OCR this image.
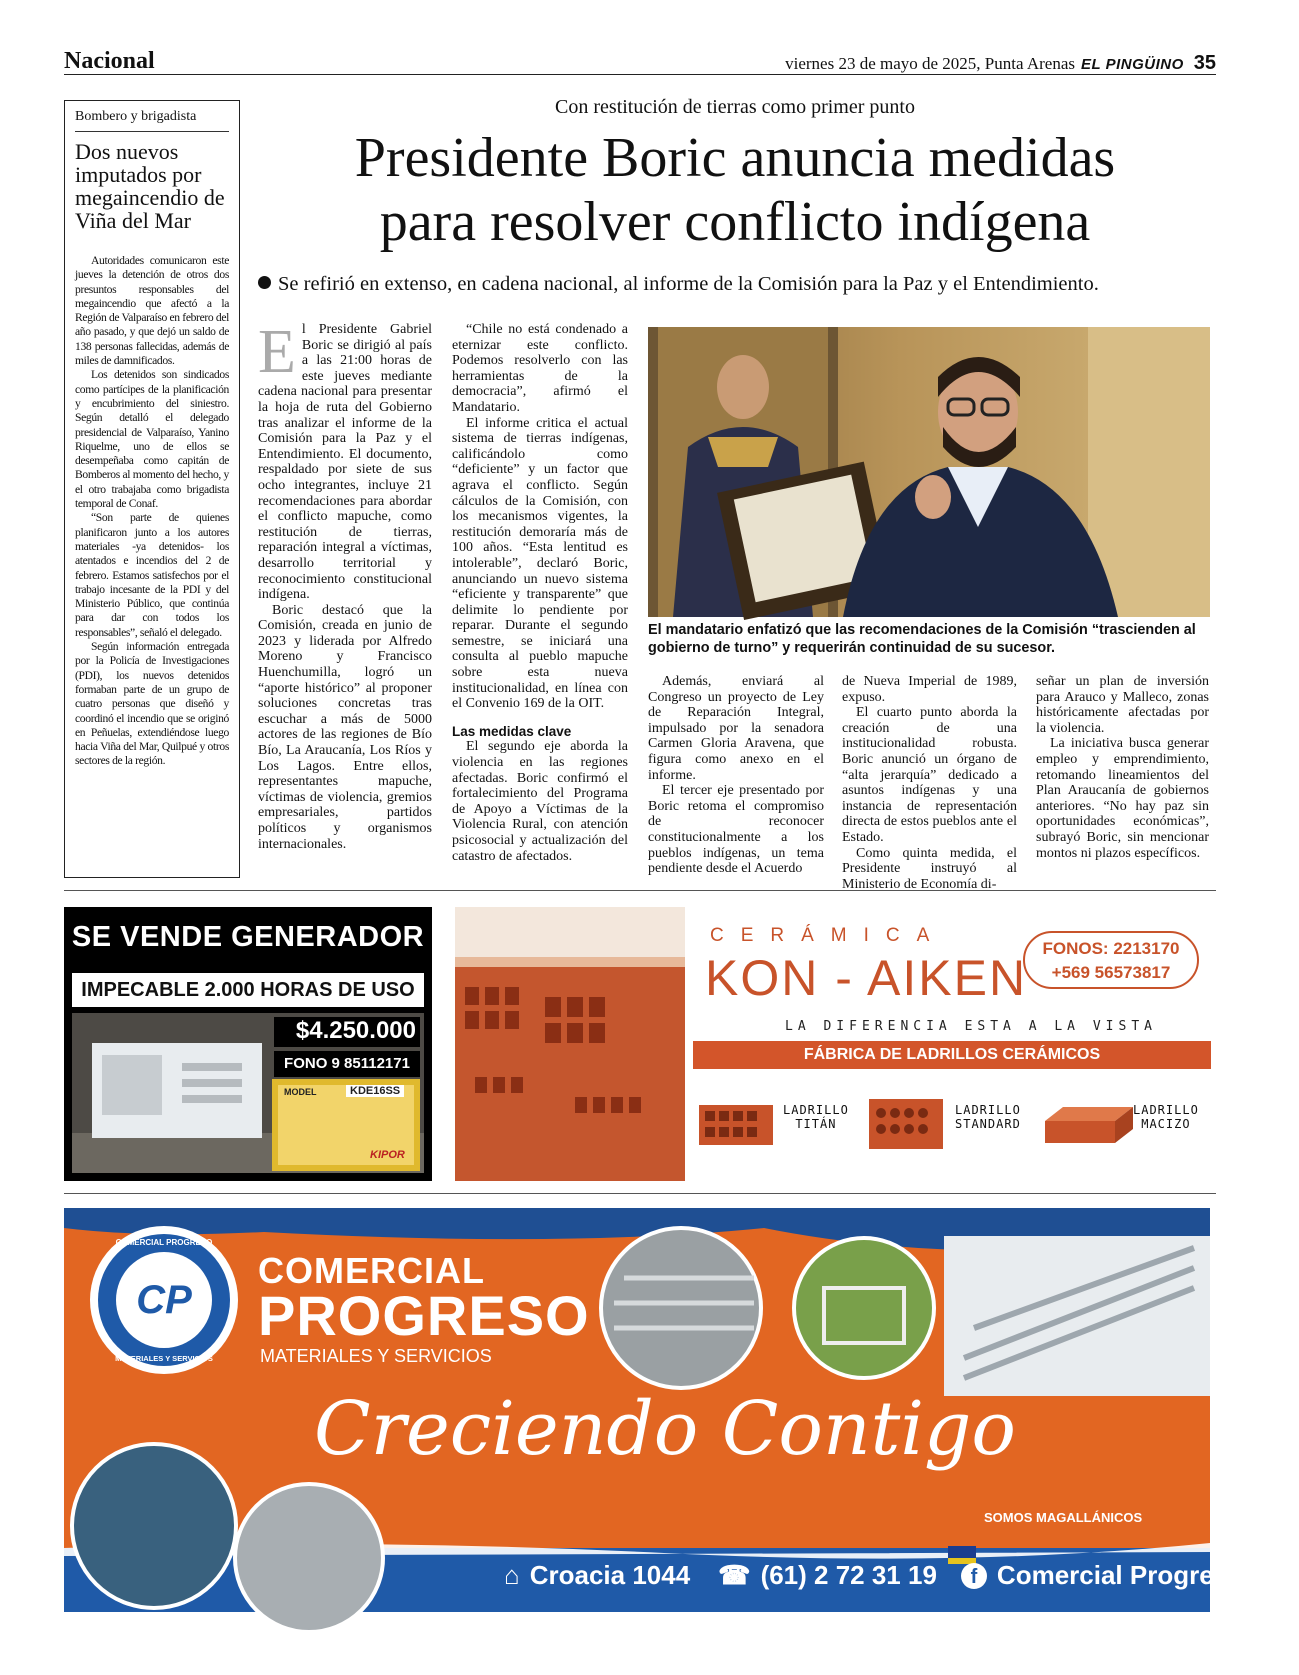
Nacional	viernes 23 de mayo de 2025, Punta Arenas EL PINGÜINO 35
Bombero y brigadista
Dos nuevos imputados por megaincendio de Viña del Mar

Autoridades comunicaron este jueves la detención de otros dos presuntos responsables del megaincendio que afectó a la Región de Valparaíso en febrero del año pasado, y que dejó un saldo de 138 personas fallecidas, además de miles de damnificados.

Los detenidos son sindicados como partícipes de la planificación y encubrimiento del siniestro. Según detalló el delegado presidencial de Valparaíso, Yanino Riquelme, uno de ellos se desempeñaba como capitán de Bomberos al momento del hecho, y el otro trabajaba como brigadista temporal de Conaf.

“Son parte de quienes planificaron junto a los autores materiales -ya detenidos- los atentados e incendios del 2 de febrero. Estamos satisfechos por el trabajo incesante de la PDI y del Ministerio Público, que continúa para dar con todos los responsables”, señaló el delegado.

Según información entregada por la Policía de Investigaciones (PDI), los nuevos detenidos formaban parte de un grupo de cuatro personas que diseñó y coordinó el incendio que se originó en Peñuelas, extendiéndose luego hacia Viña del Mar, Quilpué y otros sectores de la región.

Con restitución de tierras como primer punto
Presidente Boric anuncia medidas
para resolver conflicto indígena
Se refirió en extenso, en cadena nacional, al informe de la Comisión para la Paz y el Entendimiento.

El Presidente Gabriel Boric se dirigió al país a las 21:00 horas de este jueves mediante cadena nacional para presentar la hoja de ruta del Gobierno tras analizar el informe de la Comisión para la Paz y el Entendimiento. El documento, respaldado por siete de sus ocho integrantes, incluye 21 recomendaciones para abordar el conflicto mapuche, como restitución de tierras, reparación integral a víctimas, desarrollo territorial y reconocimiento constitucional indígena.

Boric destacó que la Comisión, creada en junio de 2023 y liderada por Alfredo Moreno y Francisco Huenchumilla, logró un “aporte histórico” al proponer soluciones concretas tras escuchar a más de 5000 actores de las regiones de Bío Bío, La Araucanía, Los Ríos y Los Lagos. Entre ellos, representantes mapuche, víctimas de violencia, gremios empresariales, partidos políticos y organismos internacionales.

“Chile no está condenado a eternizar este conflicto. Podemos resolverlo con las herramientas de la democracia”, afirmó el Mandatario.

El informe critica el actual sistema de tierras indígenas, calificándolo como “deficiente” y un factor que agrava el conflicto. Según cálculos de la Comisión, con los mecanismos vigentes, la restitución demoraría más de 100 años. “Esta lentitud es intolerable”, declaró Boric, anunciando un nuevo sistema “eficiente y transparente” que delimite lo pendiente por reparar. Durante el segundo semestre, se iniciará una consulta al pueblo mapuche sobre esta nueva institucionalidad, en línea con el Convenio 169 de la OIT.

Las medidas clave

El segundo eje aborda la violencia en las regiones afectadas. Boric confirmó el fortalecimiento del Programa de Apoyo a Víctimas de la Violencia Rural, con atención psicosocial y actualización del catastro de afectados.

El mandatario enfatizó que las recomendaciones de la Comisión “trascienden al gobierno de turno” y requerirán continuidad de su sucesor.

Además, enviará al Congreso un proyecto de Ley de Reparación Integral, impulsado por la senadora Carmen Gloria Aravena, que figura como anexo en el informe.

El tercer eje presentado por Boric retoma el compromiso de reconocer constitucionalmente a los pueblos indígenas, un tema pendiente desde el Acuerdo

de Nueva Imperial de 1989, expuso.

El cuarto punto aborda la creación de una institucionalidad robusta. Boric anunció un órgano de “alta jerarquía” dedicado a asuntos indígenas y una instancia de representación directa de estos pueblos ante el Estado.

Como quinta medida, el Presidente instruyó al Ministerio de Economía di-

señar un plan de inversión para Arauco y Malleco, zonas históricamente afectadas por la violencia.

La iniciativa busca generar empleo y emprendimiento, retomando lineamientos del Plan Araucanía de gobiernos anteriores. “No hay paz sin oportunidades económicas”, subrayó Boric, sin mencionar montos ni plazos específicos.

SE VENDE GENERADOR
IMPECABLE 2.000 HORAS DE USO
$4.250.000
FONO 9 85112171
MODEL	KDE16SS
KIPOR
CERÁMICA
KON - AIKEN
FONOS: 2213170
+569 56573817
LA DIFERENCIA ESTA A LA VISTA
FÁBRICA DE LADRILLOS CERÁMICOS
LADRILLO
TITÁN
LADRILLO
STANDARD
LADRILLO
MACIZO
CP
COMERCIAL PROGRESO
MATERIALES Y SERVICIOS
COMERCIAL
PROGRESO
MATERIALES Y SERVICIOS
Creciendo Contigo
SOMOS MAGALLÁNICOS
⌂ Croacia 1044 ☎ (61) 2 72 31 19	f Comercial Progreso puq
